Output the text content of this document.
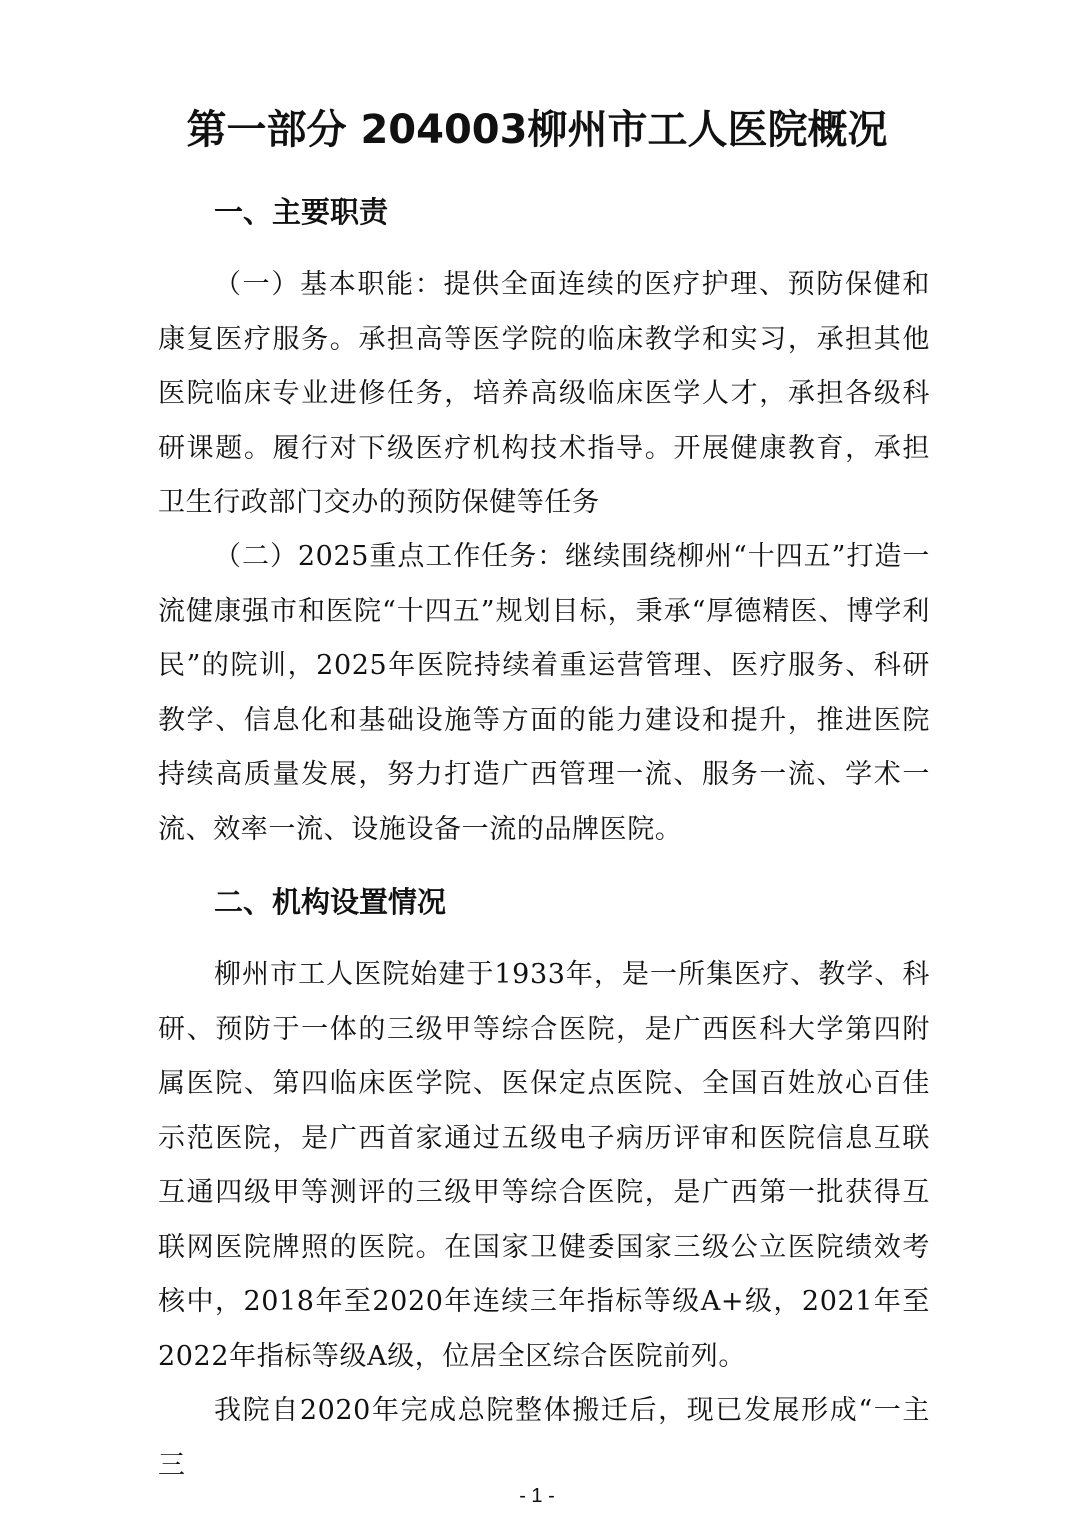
第一部分 204003柳州市工人医院概况
一、主要职责

（一）基本职能：提供全面连续的医疗护理、预防保健和康复医疗服务。承担高等医学院的临床教学和实习，承担其他医院临床专业进修任务，培养高级临床医学人才，承担各级科研课题。履行对下级医疗机构技术指导。开展健康教育，承担卫生行政部门交办的预防保健等任务

（二）2025重点工作任务：继续围绕柳州“十四五”打造一流健康强市和医院“十四五”规划目标，秉承“厚德精医、博学利民”的院训，2025年医院持续着重运营管理、医疗服务、科研教学、信息化和基础设施等方面的能力建设和提升，推进医院持续高质量发展，努力打造广西管理一流、服务一流、学术一流、效率一流、设施设备一流的品牌医院。

二、机构设置情况

柳州市工人医院始建于1933年，是一所集医疗、教学、科研、预防于一体的三级甲等综合医院，是广西医科大学第四附属医院、第四临床医学院、医保定点医院、全国百姓放心百佳示范医院，是广西首家通过五级电子病历评审和医院信息互联互通四级甲等测评的三级甲等综合医院，是广西第一批获得互联网医院牌照的医院。在国家卫健委国家三级公立医院绩效考核中，2018年至2020年连续三年指标等级A+级，2021年至2022年指标等级A级，位居全区综合医院前列。

我院自2020年完成总院整体搬迁后，现已发展形成“一主三

- 1 -
